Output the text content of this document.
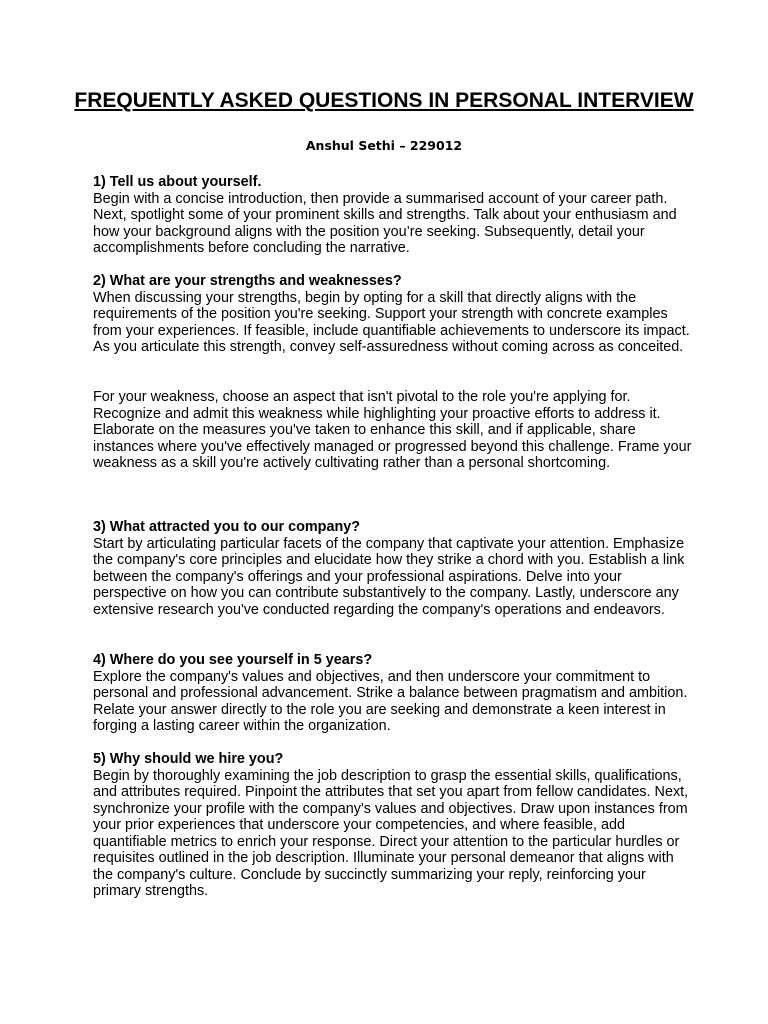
FREQUENTLY ASKED QUESTIONS IN PERSONAL INTERVIEW
Anshul Sethi – 229012

1) Tell us about yourself.

Begin with a concise introduction, then provide a summarised account of your career path. Next, spotlight some of your prominent skills and strengths. Talk about your enthusiasm and how your background aligns with the position you’re seeking. Subsequently, detail your accomplishments before concluding the narrative.

2) What are your strengths and weaknesses?

When discussing your strengths, begin by opting for a skill that directly aligns with the requirements of the position you're seeking. Support your strength with concrete examples from your experiences. If feasible, include quantifiable achievements to underscore its impact. As you articulate this strength, convey self-assuredness without coming across as conceited.

For your weakness, choose an aspect that isn't pivotal to the role you're applying for. Recognize and admit this weakness while highlighting your proactive efforts to address it. Elaborate on the measures you've taken to enhance this skill, and if applicable, share instances where you've effectively managed or progressed beyond this challenge. Frame your weakness as a skill you're actively cultivating rather than a personal shortcoming.

3) What attracted you to our company?

Start by articulating particular facets of the company that captivate your attention. Emphasize the company's core principles and elucidate how they strike a chord with you. Establish a link between the company's offerings and your professional aspirations. Delve into your perspective on how you can contribute substantively to the company. Lastly, underscore any extensive research you've conducted regarding the company's operations and endeavors.

4) Where do you see yourself in 5 years?

Explore the company's values and objectives, and then underscore your commitment to personal and professional advancement. Strike a balance between pragmatism and ambition. Relate your answer directly to the role you are seeking and demonstrate a keen interest in forging a lasting career within the organization.

5) Why should we hire you?

Begin by thoroughly examining the job description to grasp the essential skills, qualifications, and attributes required. Pinpoint the attributes that set you apart from fellow candidates. Next, synchronize your profile with the company's values and objectives. Draw upon instances from your prior experiences that underscore your competencies, and where feasible, add quantifiable metrics to enrich your response. Direct your attention to the particular hurdles or requisites outlined in the job description. Illuminate your personal demeanor that aligns with the company's culture. Conclude by succinctly summarizing your reply, reinforcing your primary strengths.
